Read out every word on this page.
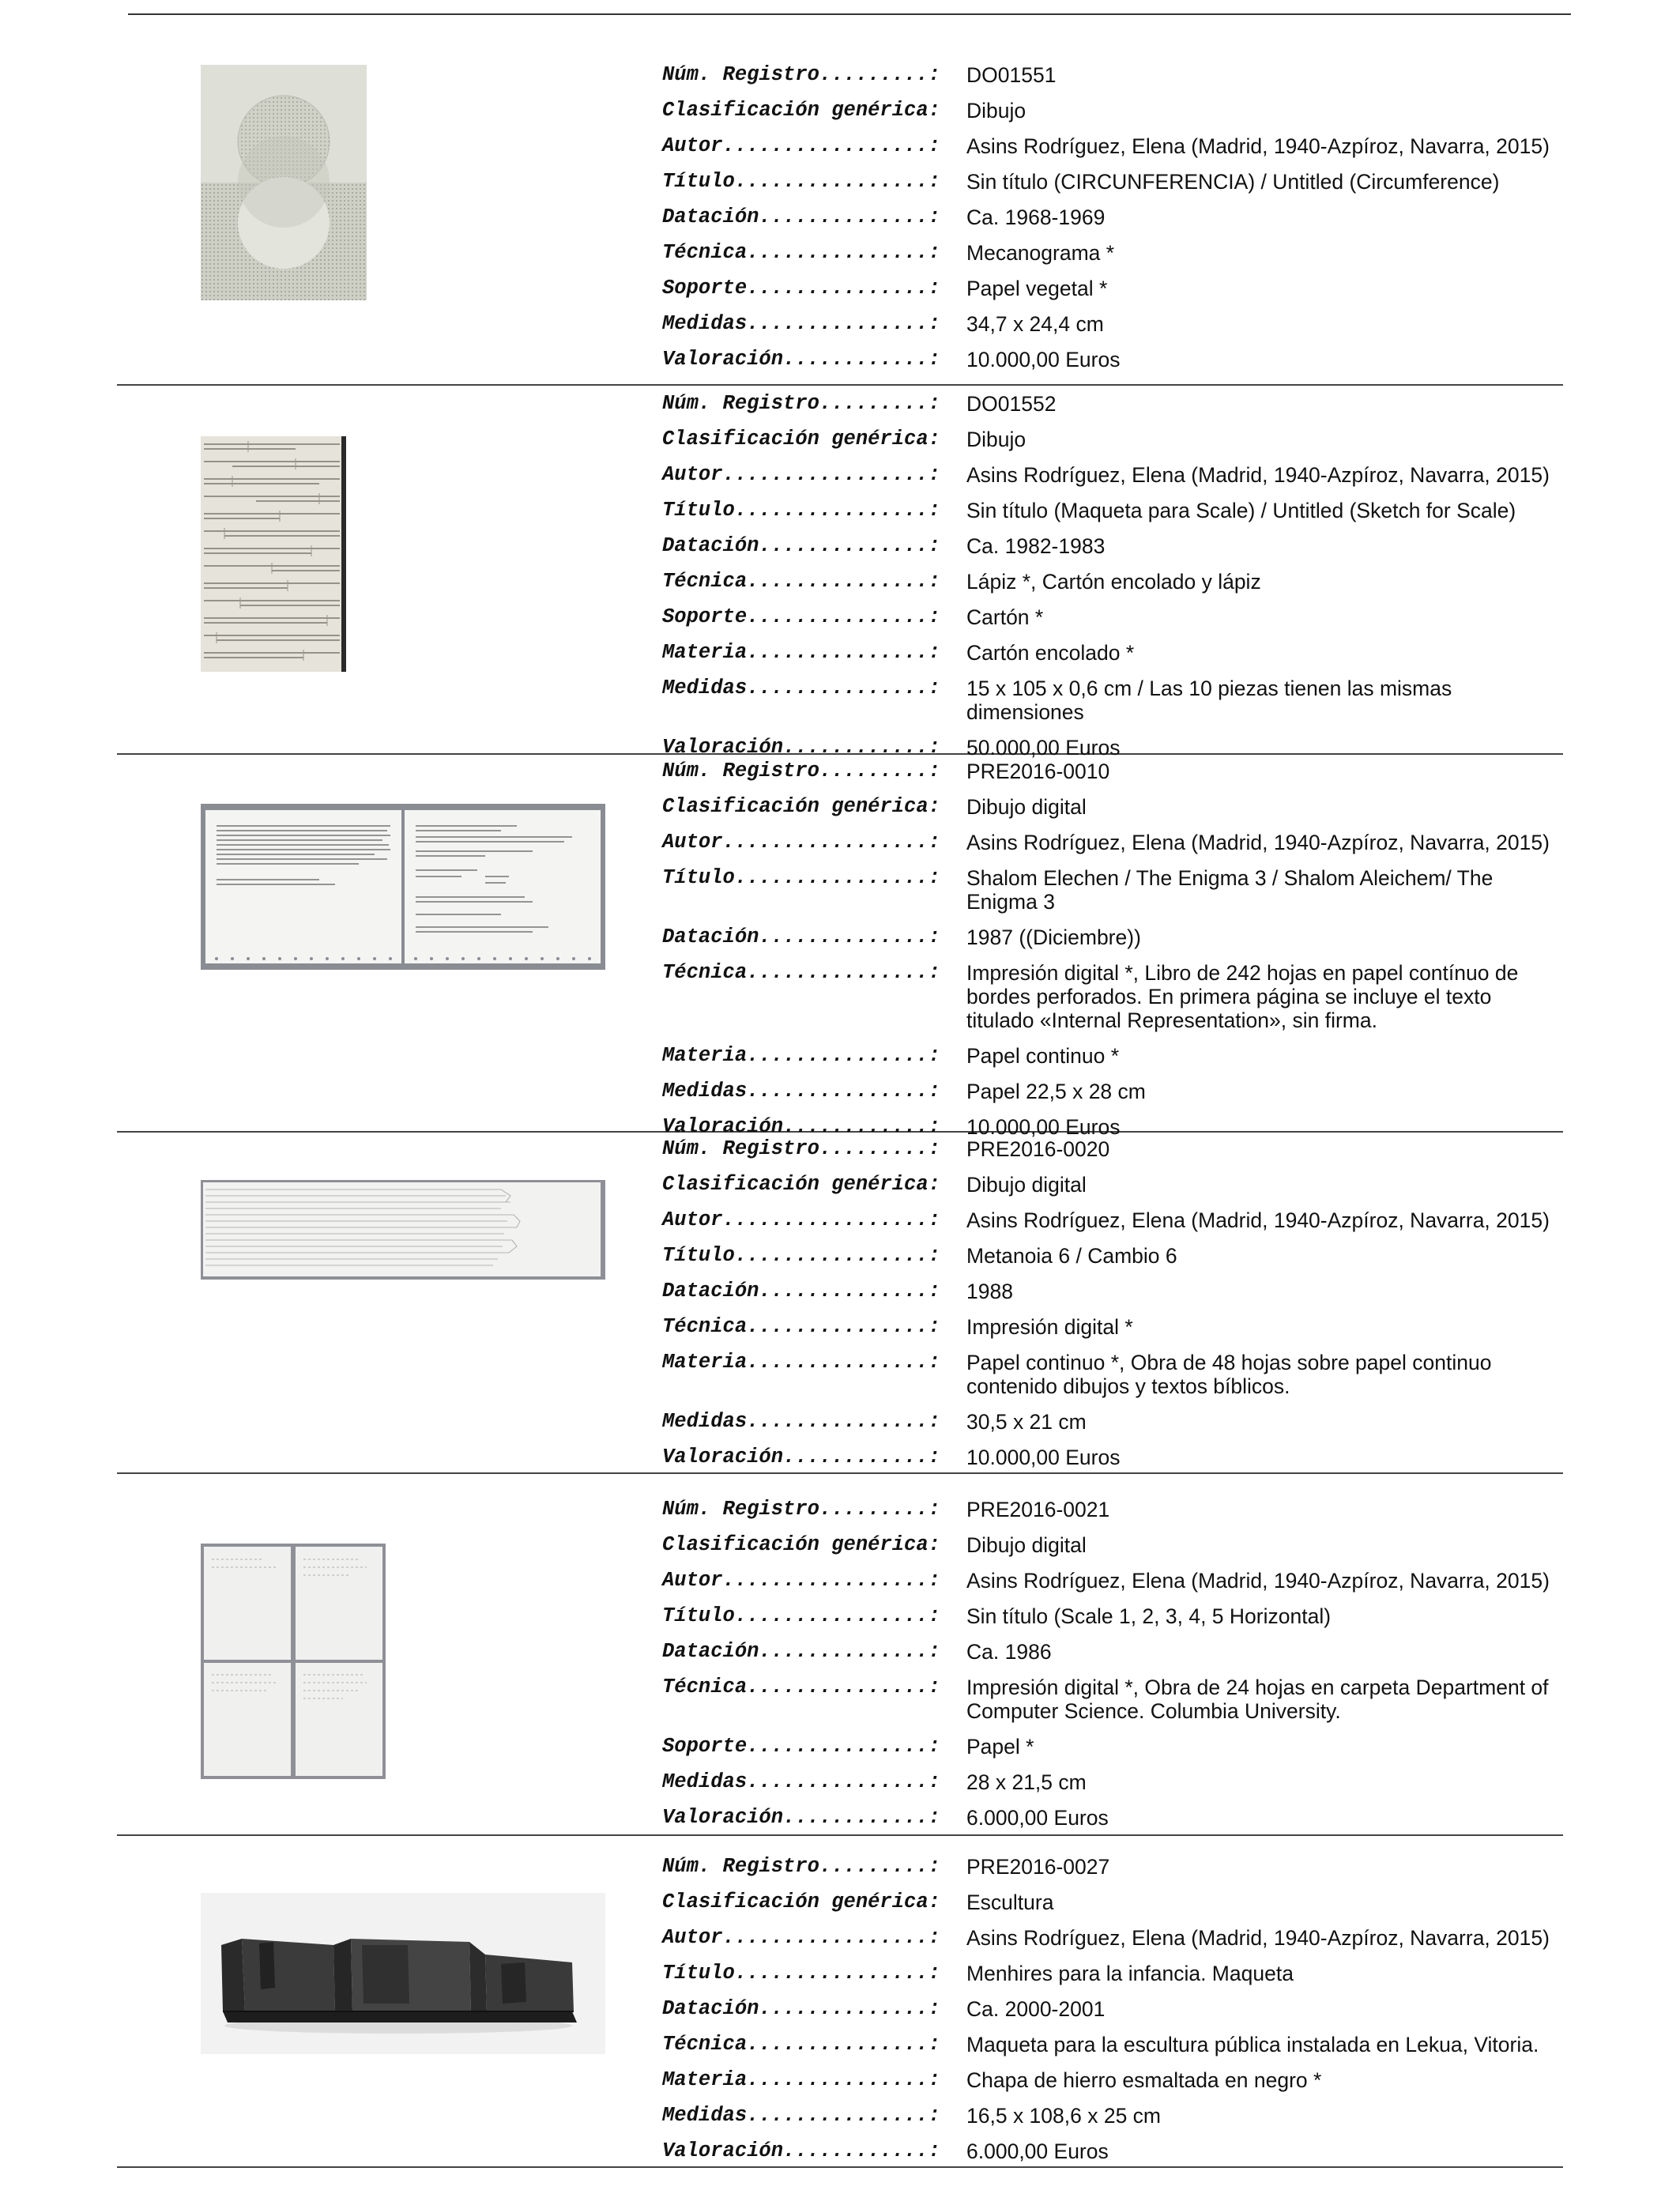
Núm. Registro.........:	DO01551
Clasificación genérica:	Dibujo
Autor.................:	Asins Rodríguez, Elena (Madrid, 1940-Azpíroz, Navarra, 2015)
Título................:	Sin título (CIRCUNFERENCIA) / Untitled (Circumference)
Datación..............:	Ca. 1968-1969
Técnica...............:	Mecanograma *
Soporte...............:	Papel vegetal *
Medidas...............:	34,7 x 24,4 cm
Valoración............:	10.000,00 Euros
Núm. Registro.........:	DO01552
Clasificación genérica:	Dibujo
Autor.................:	Asins Rodríguez, Elena (Madrid, 1940-Azpíroz, Navarra, 2015)
Título................:	Sin título (Maqueta para Scale) / Untitled (Sketch for Scale)
Datación..............:	Ca. 1982-1983
Técnica...............:	Lápiz *, Cartón encolado y lápiz
Soporte...............:	Cartón *
Materia...............:	Cartón encolado *
Medidas...............:	15 x 105 x 0,6 cm / Las 10 piezas tienen las mismas dimensiones
Valoración............:	50.000,00 Euros
Núm. Registro.........:	PRE2016-0010
Clasificación genérica:	Dibujo digital
Autor.................:	Asins Rodríguez, Elena (Madrid, 1940-Azpíroz, Navarra, 2015)
Título................:	Shalom Elechen / The Enigma 3 / Shalom Aleichem/ The Enigma 3
Datación..............:	1987 ((Diciembre))
Técnica...............:	Impresión digital *, Libro de 242 hojas en papel contínuo de bordes perforados. En primera página se incluye el texto titulado «Internal Representation», sin firma.
Materia...............:	Papel continuo *
Medidas...............:	Papel 22,5 x 28 cm
Valoración............:	10.000,00 Euros
Núm. Registro.........:	PRE2016-0020
Clasificación genérica:	Dibujo digital
Autor.................:	Asins Rodríguez, Elena (Madrid, 1940-Azpíroz, Navarra, 2015)
Título................:	Metanoia 6 / Cambio 6
Datación..............:	1988
Técnica...............:	Impresión digital *
Materia...............:	Papel continuo *, Obra de 48 hojas sobre papel continuo contenido dibujos y textos bíblicos.
Medidas...............:	30,5 x 21 cm
Valoración............:	10.000,00 Euros
Núm. Registro.........:	PRE2016-0021
Clasificación genérica:	Dibujo digital
Autor.................:	Asins Rodríguez, Elena (Madrid, 1940-Azpíroz, Navarra, 2015)
Título................:	Sin título (Scale 1, 2, 3, 4, 5 Horizontal)
Datación..............:	Ca. 1986
Técnica...............:	Impresión digital *, Obra de 24 hojas en carpeta Department of Computer Science. Columbia University.
Soporte...............:	Papel *
Medidas...............:	28 x 21,5 cm
Valoración............:	6.000,00 Euros
Núm. Registro.........:	PRE2016-0027
Clasificación genérica:	Escultura
Autor.................:	Asins Rodríguez, Elena (Madrid, 1940-Azpíroz, Navarra, 2015)
Título................:	Menhires para la infancia. Maqueta
Datación..............:	Ca. 2000-2001
Técnica...............:	Maqueta para la escultura pública instalada en Lekua, Vitoria.
Materia...............:	Chapa de hierro esmaltada en negro *
Medidas...............:	16,5 x 108,6 x 25 cm
Valoración............:	6.000,00 Euros
